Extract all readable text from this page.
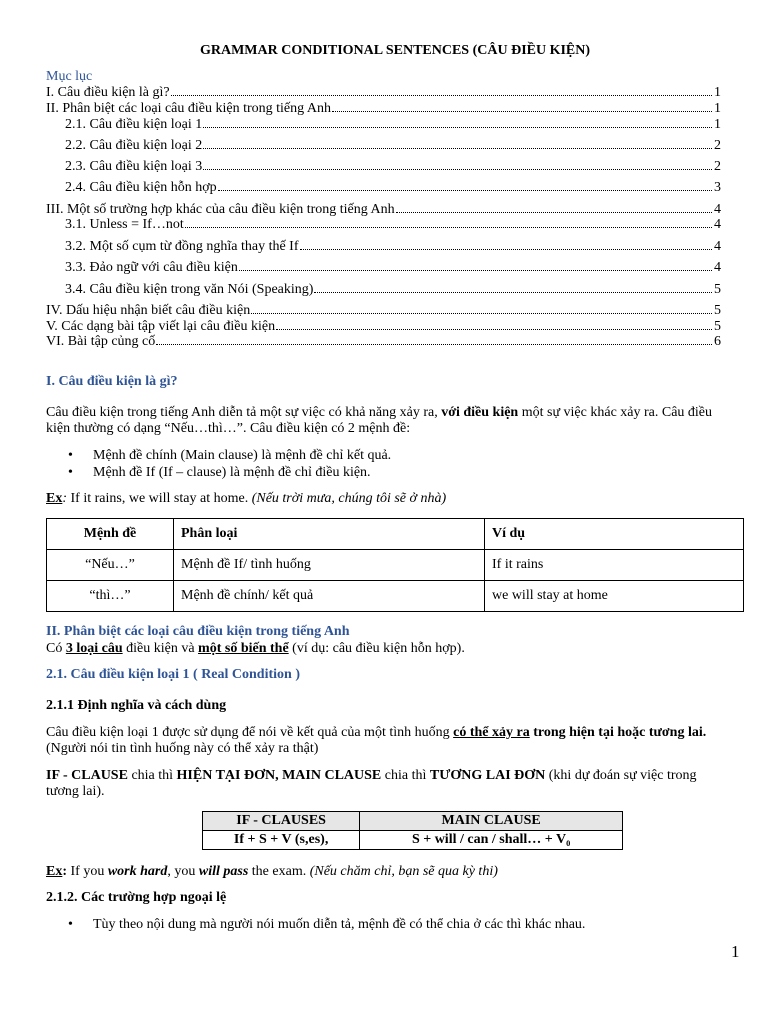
GRAMMAR CONDITIONAL SENTENCES (CÂU ĐIỀU KIỆN)
Mục lục
I. Câu điều kiện là gì?	1
II. Phân biệt các loại câu điều kiện trong tiếng Anh	1
2.1. Câu điều kiện loại 1	1
2.2. Câu điều kiện loại 2	2
2.3. Câu điều kiện loại 3	2
2.4. Câu điều kiện hỗn hợp	3
III. Một số trường hợp khác của câu điều kiện trong tiếng Anh	4
3.1. Unless = If…not	4
3.2. Một số cụm từ đồng nghĩa thay thế If	4
3.3. Đảo ngữ với câu điều kiện	4
3.4. Câu điều kiện trong văn Nói (Speaking)	5
IV. Dấu hiệu nhận biết câu điều kiện	5
V. Các dạng bài tập viết lại câu điều kiện	5
VI. Bài tập củng cố	6
I. Câu điều kiện là gì?
Câu điều kiện trong tiếng Anh diễn tả một sự việc có khả năng xảy ra, với điều kiện một sự việc khác xảy ra. Câu điều
kiện thường có dạng “Nếu…thì…”. Câu điều kiện có 2 mệnh đề:
• Mệnh đề chính (Main clause) là mệnh đề chỉ kết quả.
• Mệnh đề If (If – clause) là mệnh đề chỉ điều kiện.
Ex: If it rains, we will stay at home. (Nếu trời mưa, chúng tôi sẽ ở nhà)
Mệnh đề	Phân loại	Ví dụ
“Nếu…”	Mệnh đề If/ tình huống	If it rains
“thì…”	Mệnh đề chính/ kết quả	we will stay at home
II. Phân biệt các loại câu điều kiện trong tiếng Anh
Có 3 loại câu điều kiện và một số biến thể (ví dụ: câu điều kiện hỗn hợp).
2.1. Câu điều kiện loại 1 ( Real Condition )
2.1.1 Định nghĩa và cách dùng
Câu điều kiện loại 1 được sử dụng để nói về kết quả của một tình huống có thể xảy ra trong hiện tại hoặc tương lai.
(Người nói tin tình huống này có thể xảy ra thật)
IF - CLAUSE chia thì HIỆN TẠI ĐƠN, MAIN CLAUSE chia thì TƯƠNG LAI ĐƠN (khi dự đoán sự việc trong
tương lai).
IF - CLAUSES	MAIN CLAUSE
If + S + V (s,es),	S + will / can / shall… + V₀
Ex: If you work hard, you will pass the exam. (Nếu chăm chỉ, bạn sẽ qua kỳ thi)
2.1.2. Các trường hợp ngoại lệ
• Tùy theo nội dung mà người nói muốn diễn tả, mệnh đề có thể chia ở các thì khác nhau.
1
